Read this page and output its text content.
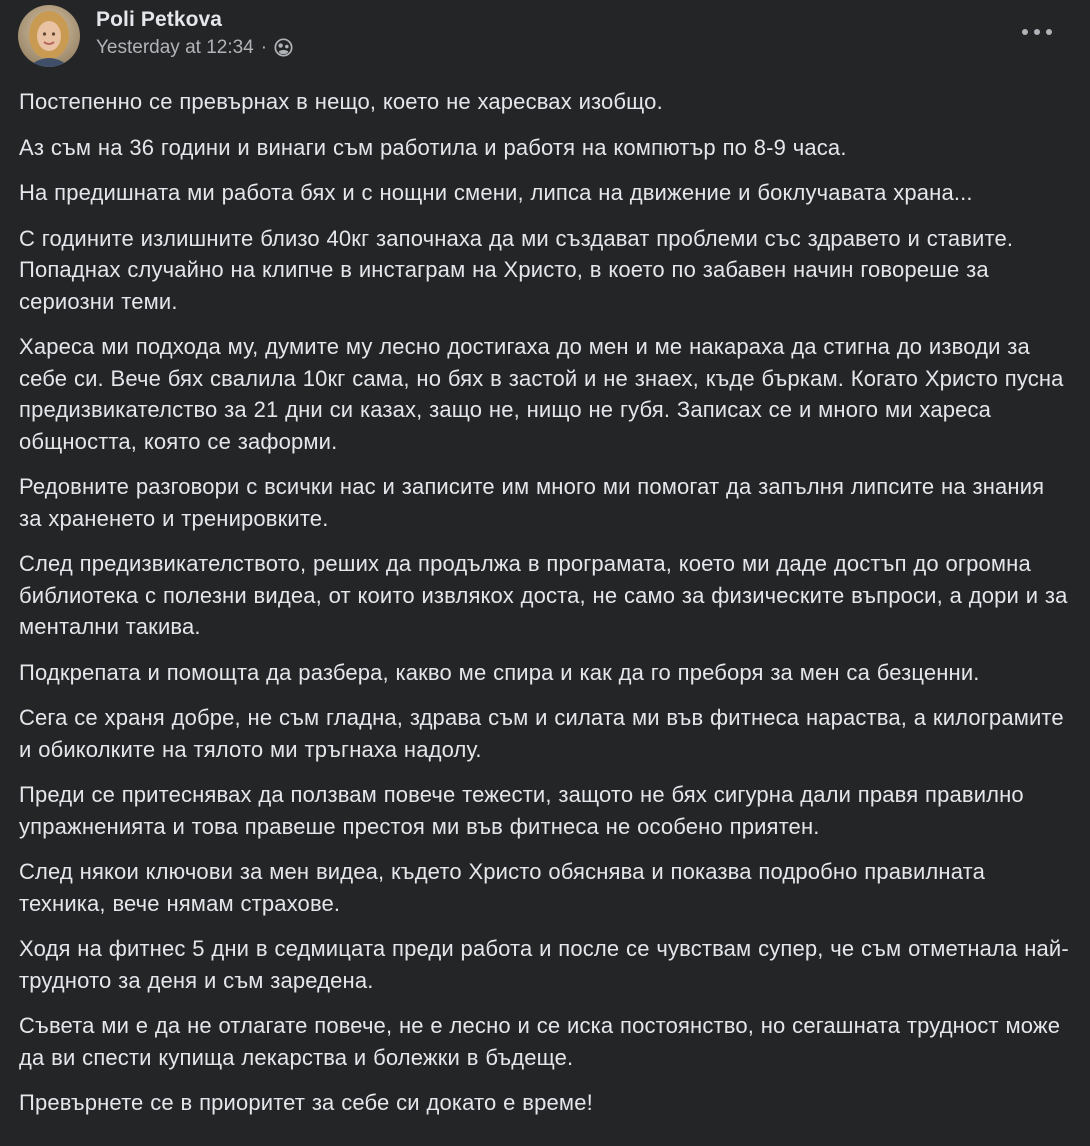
Poli Petkova
Yesterday at 12:34 ·

Постепенно се превърнах в нещо, което не харесвах изобщо.

Аз съм на 36 години и винаги съм работила и работя на компютър по 8-9 часа.

На предишната ми работа бях и с нощни смени, липса на движение и боклучавата храна...

С годините излишните близо 40кг започнаха да ми създават проблеми със здравето и ставите. Попаднах случайно на клипче в инстаграм на Христо, в което по забавен начин говореше за сериозни теми.

Хареса ми подхода му, думите му лесно достигаха до мен и ме накараха да стигна до изводи за себе си. Вече бях свалила 10кг сама, но бях в застой и не знаех, къде бъркам. Когато Христо пусна предизвикателство за 21 дни си казах, защо не, нищо не губя. Записах се и много ми хареса общността, която се заформи.

Редовните разговори с всички нас и записите им много ми помогат да запълня липсите на знания за храненето и тренировките.

След предизвикателството, реших да продължа в програмата, което ми даде достъп до огромна библиотека с полезни видеа, от които извлякох доста, не само за физическите въпроси, а дори и за ментални такива.

Подкрепата и помощта да разбера, какво ме спира и как да го преборя за мен са безценни.

Сега се храня добре, не съм гладна, здрава съм и силата ми във фитнеса нараства, а килограмите и обиколките на тялото ми тръгнаха надолу.

Преди се притеснявах да ползвам повече тежести, защото не бях сигурна дали правя правилно упражненията и това правеше престоя ми във фитнеса не особено приятен.

След някои ключови за мен видеа, където Христо обяснява и показва подробно правилната техника, вече нямам страхове.

Ходя на фитнес 5 дни в седмицата преди работа и после се чувствам супер, че съм отметнала най-трудното за деня и съм заредена.

Съвета ми е да не отлагате повече, не е лесно и се иска постоянство, но сегашната трудност може да ви спести купища лекарства и болежки в бъдеще.

Превърнете се в приоритет за себе си докато е време!
